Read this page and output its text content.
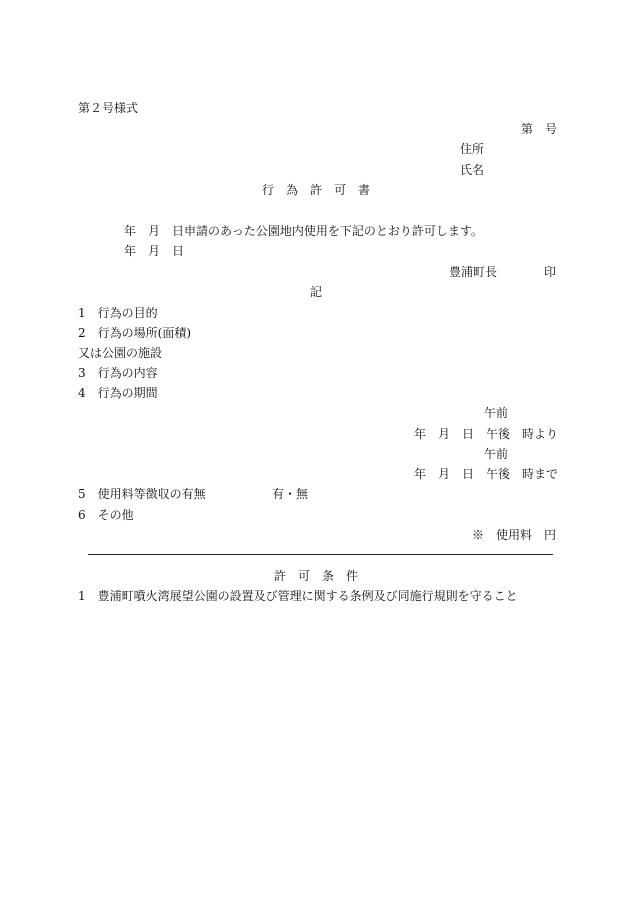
第２号様式
第　号
住所
氏名
行　為　許　可　書
年　月　日申請のあった公園地内使用を下記のとおり許可します。
年　月　日
豊浦町長	印
記
1　行為の目的
2　行為の場所(面積)
又は公園の施設
3　行為の内容
4　行為の期間
午前
年　月　日　午後　時より
午前
年　月　日　午後　時まで
5　使用料等徴収の有無	有・無
6　その他
※　使用料　円
許　可　条　件
1　豊浦町噴火湾展望公園の設置及び管理に関する条例及び同施行規則を守ること
